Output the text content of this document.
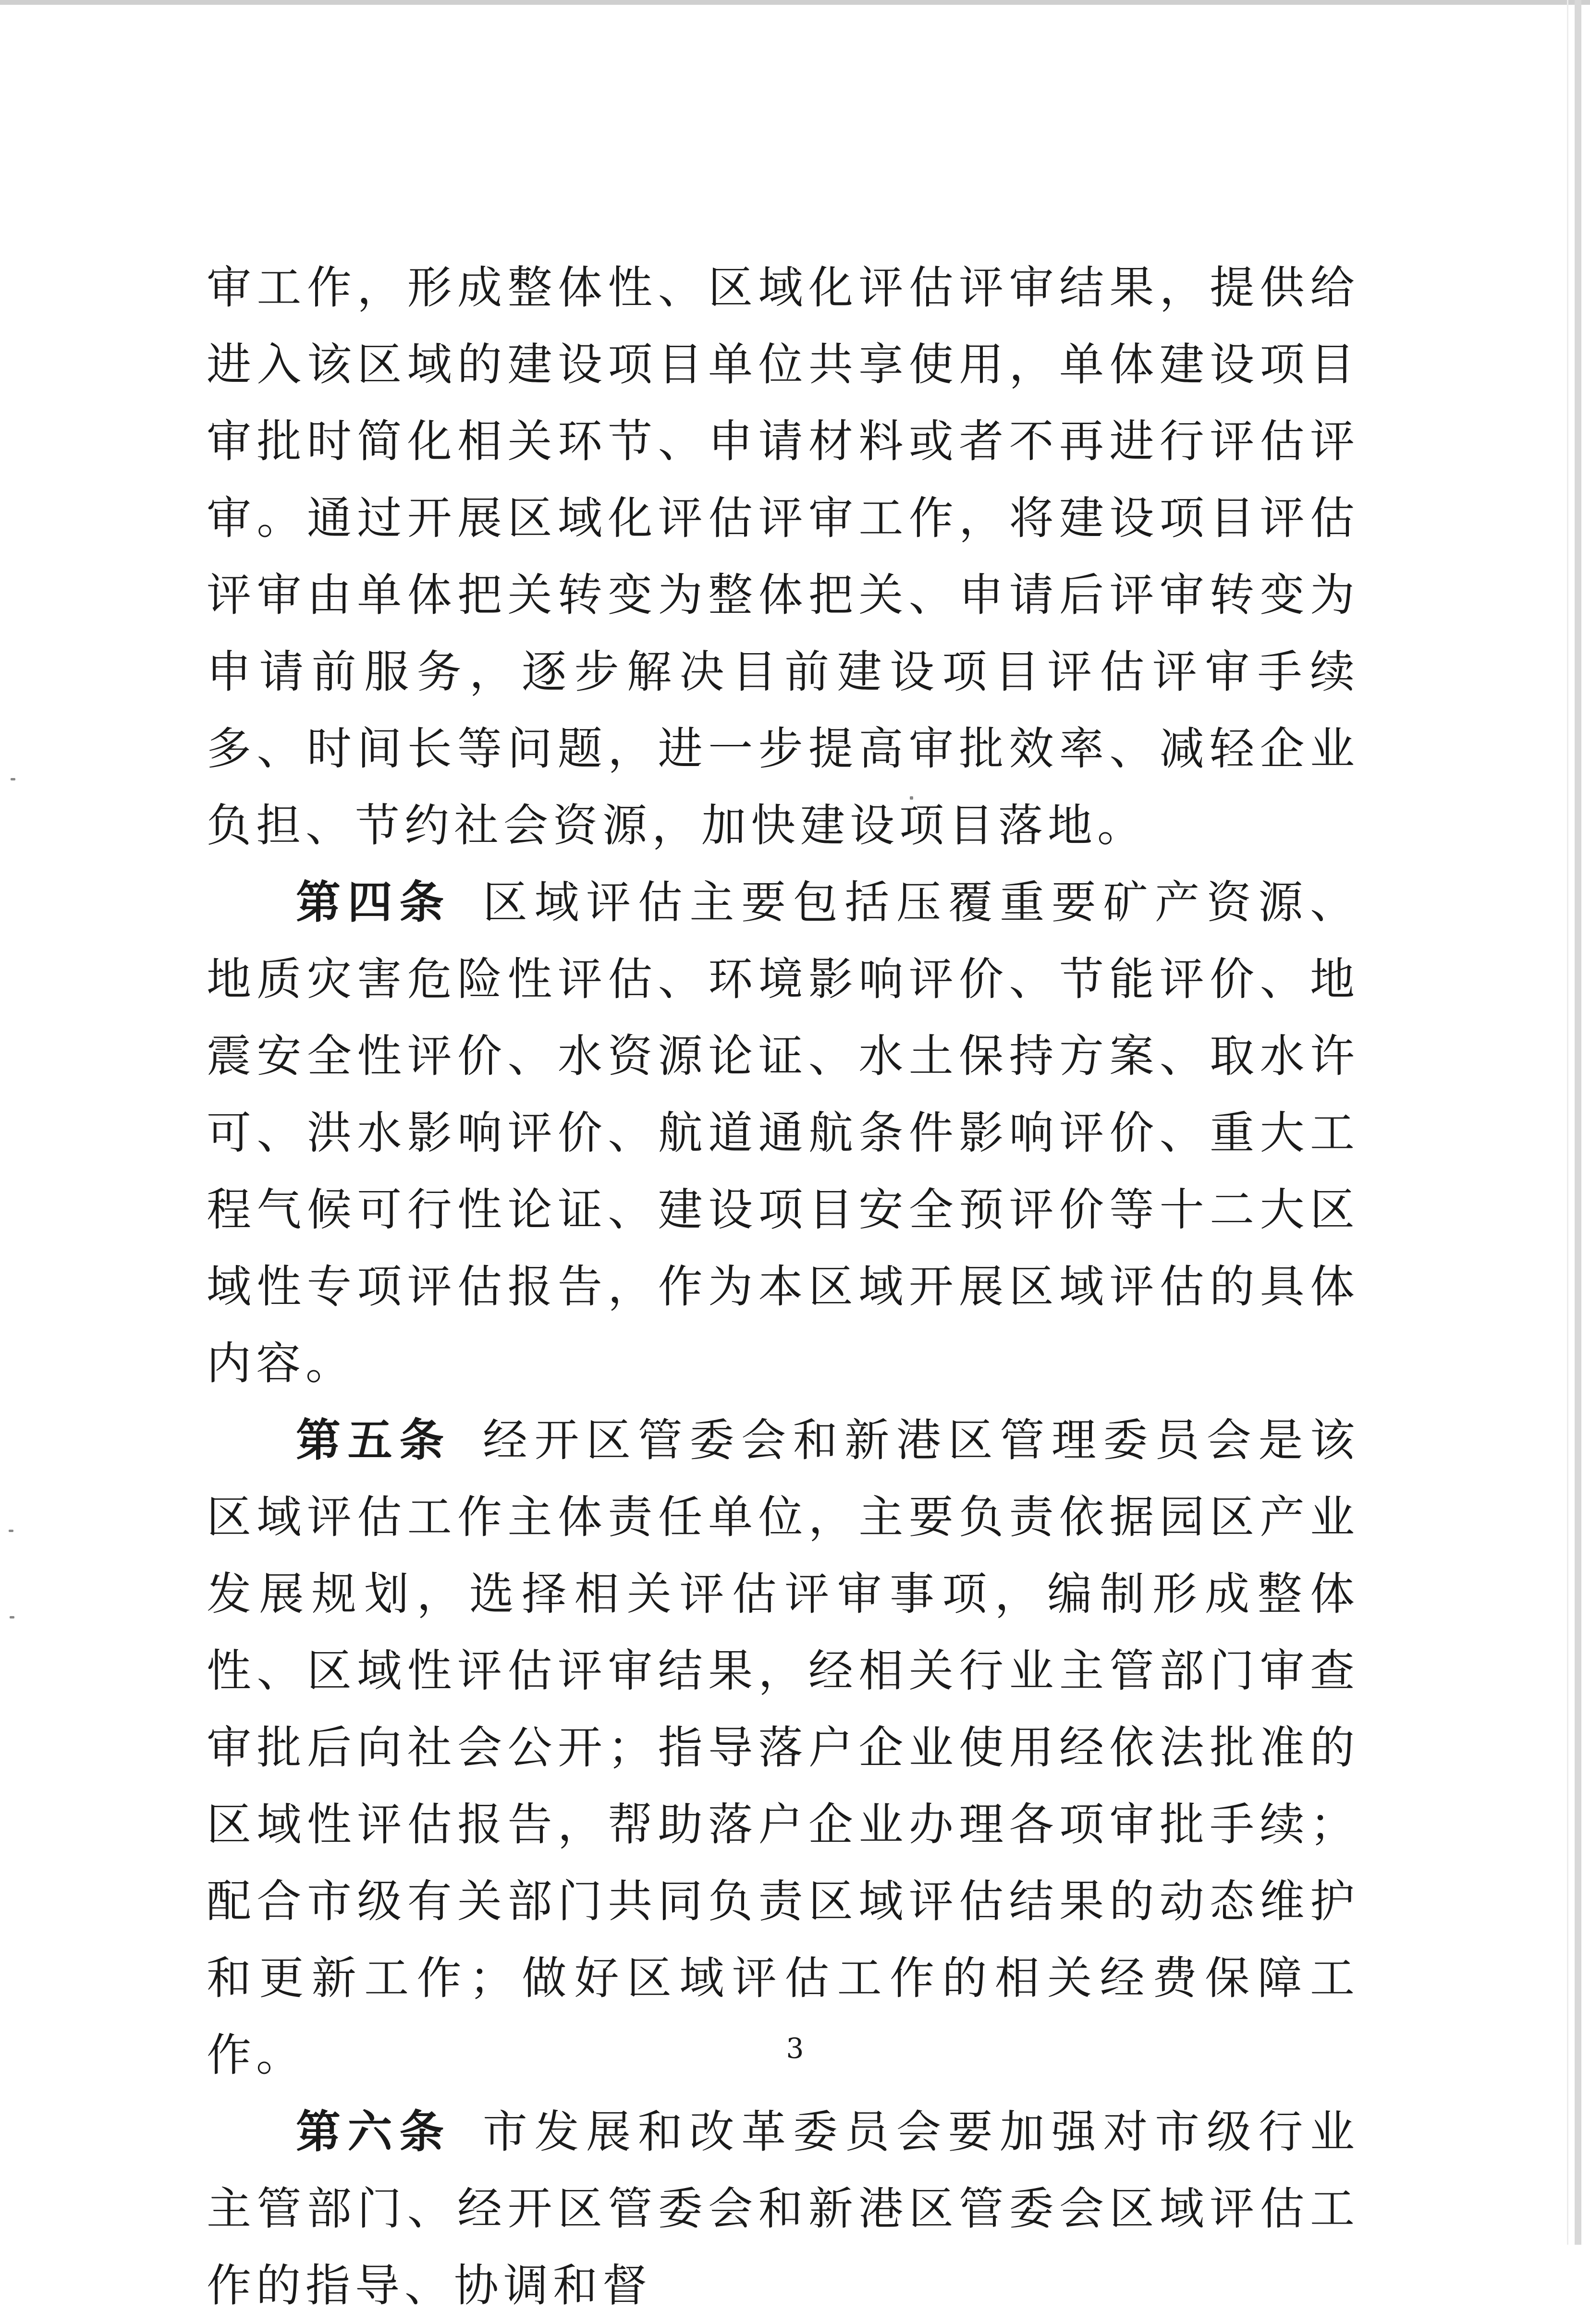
审工作，形成整体性、区域化评估评审结果，提供给进入该区域的建设项目单位共享使用，单体建设项目审批时简化相关环节、申请材料或者不再进行评估评审。通过开展区域化评估评审工作，将建设项目评估评审由单体把关转变为整体把关、申请后评审转变为申请前服务，逐步解决目前建设项目评估评审手续多、时间长等问题，进一步提高审批效率、减轻企业负担、节约社会资源，加快建设项目落地。

第四条 区域评估主要包括压覆重要矿产资源、地质灾害危险性评估、环境影响评价、节能评价、地震安全性评价、水资源论证、水土保持方案、取水许可、洪水影响评价、航道通航条件影响评价、重大工程气候可行性论证、建设项目安全预评价等十二大区域性专项评估报告，作为本区域开展区域评估的具体内容。

第五条 经开区管委会和新港区管理委员会是该区域评估工作主体责任单位，主要负责依据园区产业发展规划，选择相关评估评审事项，编制形成整体性、区域性评估评审结果，经相关行业主管部门审查审批后向社会公开；指导落户企业使用经依法批准的区域性评估报告，帮助落户企业办理各项审批手续；配合市级有关部门共同负责区域评估结果的动态维护和更新工作；做好区域评估工作的相关经费保障工作。

第六条 市发展和改革委员会要加强对市级行业主管部门、经开区管委会和新港区管委会区域评估工作的指导、协调和督

3
